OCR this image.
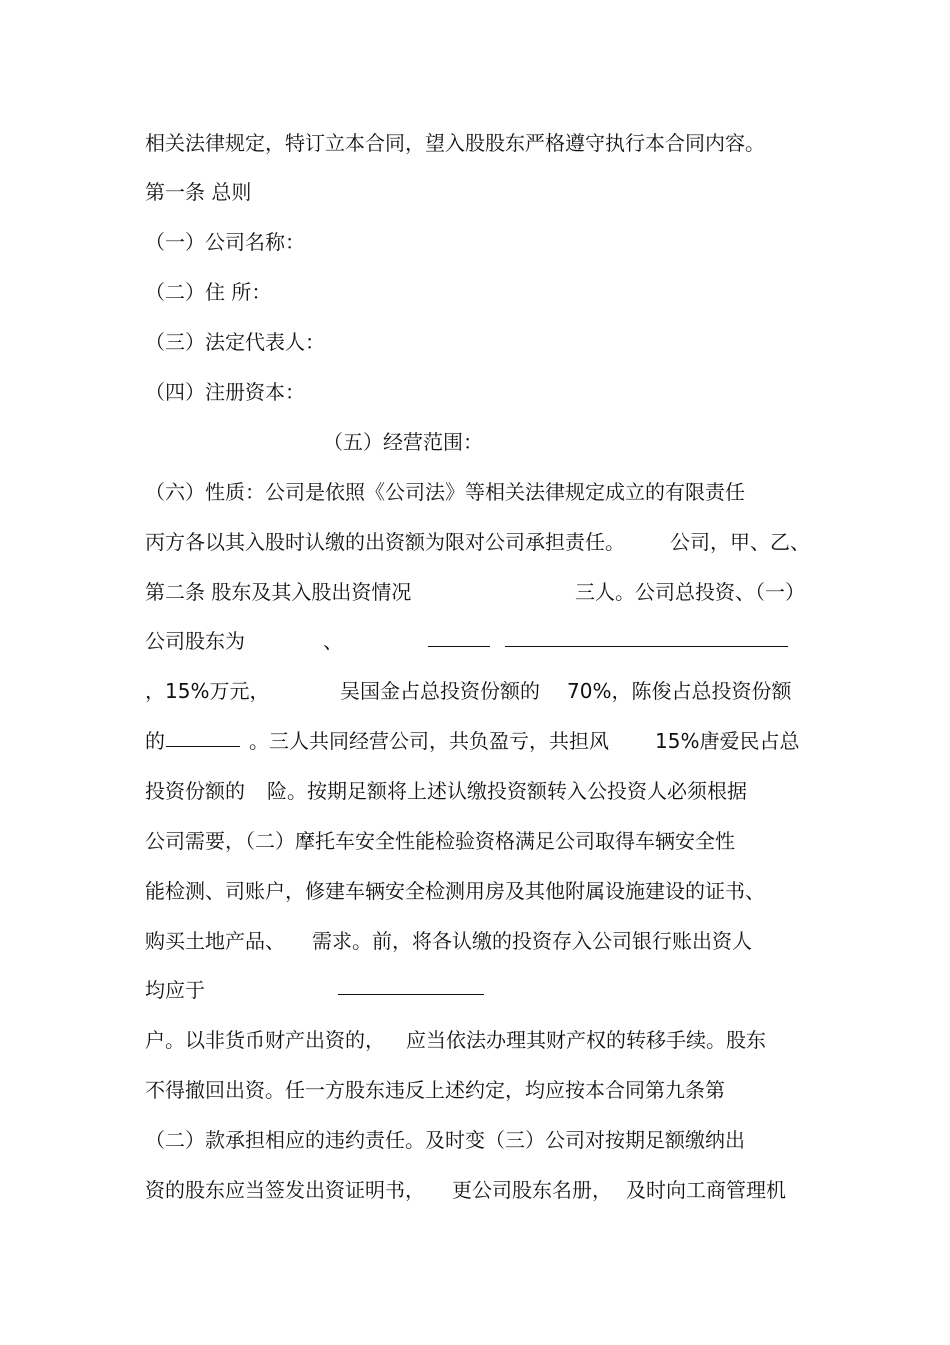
相关法律规定，特订立本合同，望入股股东严格遵守执行本合同内容。
第一条 总则
（一）公司名称：
（二）住 所：
（三）法定代表人：
（四）注册资本：
（五）经营范围：
（六）性质：公司是依照《公司法》等相关法律规定成立的有限责任
丙方各以其入股时认缴的出资额为限对公司承担责任。 公司，甲、乙、
第二条 股东及其入股出资情况	三人。公司总投资、（一）
公司股东为	、
，15%万元，	吴国金占总投资份额的 70%，陈俊占总投资份额
的	。三人共同经营公司，共负盈亏，共担风 15%唐爱民占总
投资份额的 险。按期足额将上述认缴投资额转入公投资人必须根据
公司需要，（二）摩托车安全性能检验资格满足公司取得车辆安全性
能检测、司账户，修建车辆安全检测用房及其他附属设施建设的证书、
购买土地产品、 需求。前，将各认缴的投资存入公司银行账出资人
均应于
户。以非货币财产出资的， 应当依法办理其财产权的转移手续。股东
不得撤回出资。任一方股东违反上述约定，均应按本合同第九条第
（二）款承担相应的违约责任。及时变（三）公司对按期足额缴纳出
资的股东应当签发出资证明书， 更公司股东名册， 及时向工商管理机
